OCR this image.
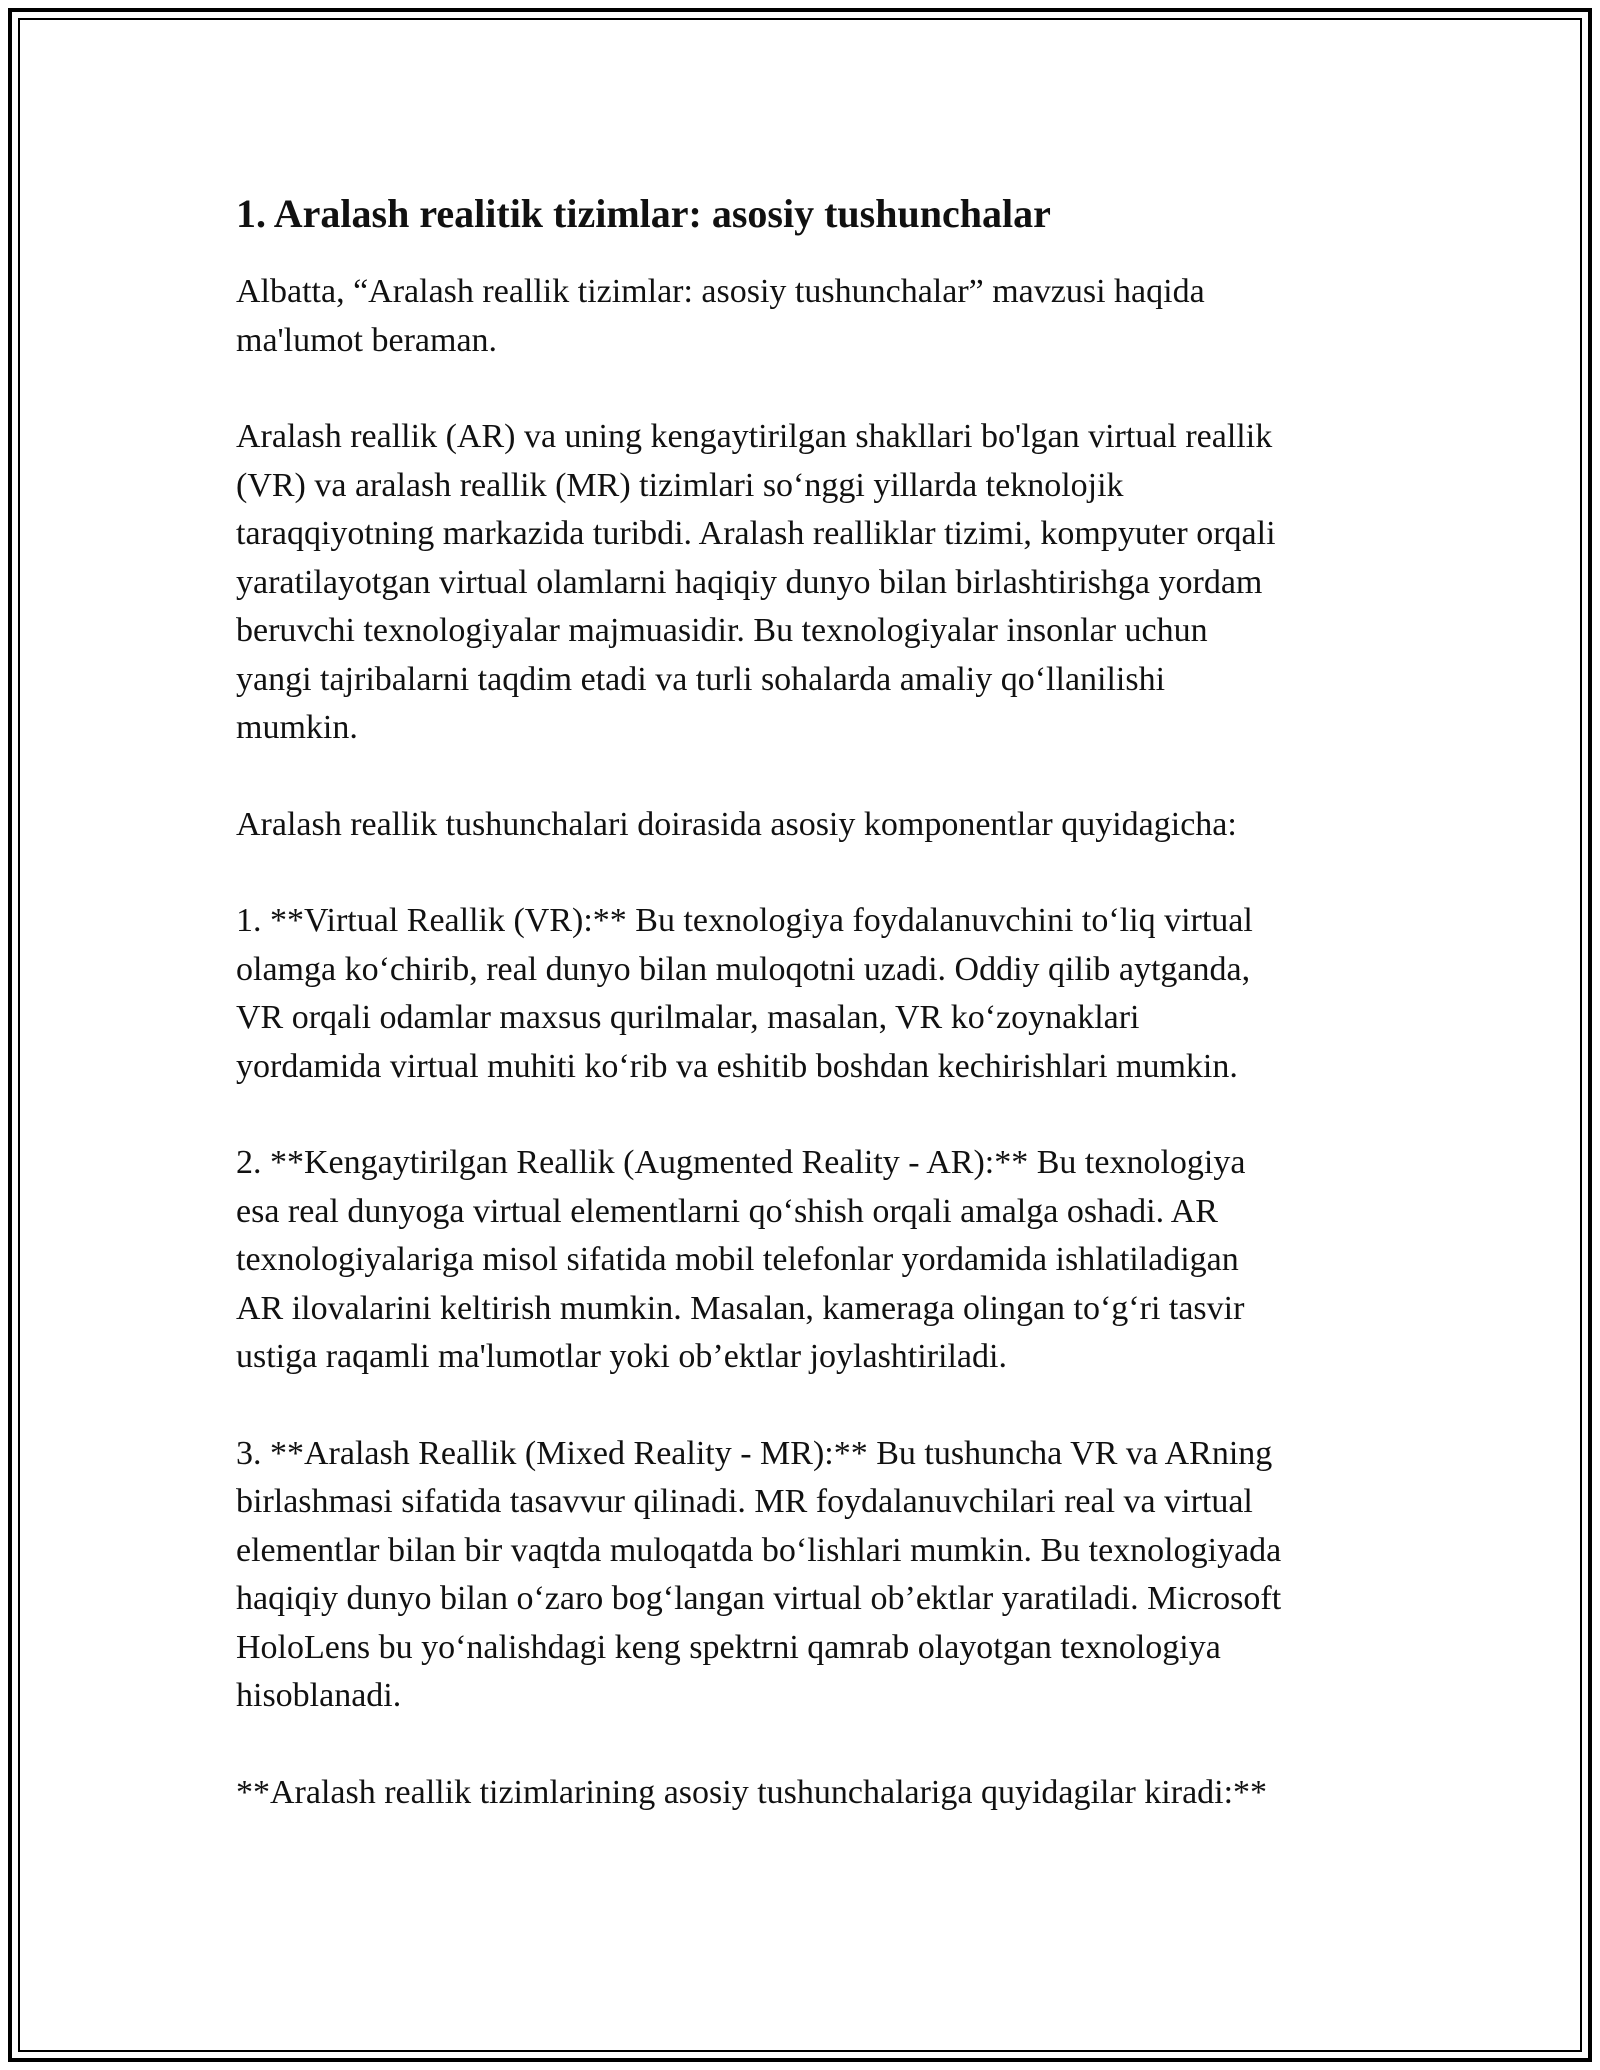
1. Aralash realitik tizimlar: asosiy tushunchalar

Albatta, “Aralash reallik tizimlar: asosiy tushunchalar” mavzusi haqida
ma'lumot beraman.

Aralash reallik (AR) va uning kengaytirilgan shakllari bo'lgan virtual reallik
(VR) va aralash reallik (MR) tizimlari so‘nggi yillarda teknolojik
taraqqiyotning markazida turibdi. Aralash realliklar tizimi, kompyuter orqali
yaratilayotgan virtual olamlarni haqiqiy dunyo bilan birlashtirishga yordam
beruvchi texnologiyalar majmuasidir. Bu texnologiyalar insonlar uchun
yangi tajribalarni taqdim etadi va turli sohalarda amaliy qo‘llanilishi
mumkin.

Aralash reallik tushunchalari doirasida asosiy komponentlar quyidagicha:

1. **Virtual Reallik (VR):** Bu texnologiya foydalanuvchini to‘liq virtual
olamga ko‘chirib, real dunyo bilan muloqotni uzadi. Oddiy qilib aytganda,
VR orqali odamlar maxsus qurilmalar, masalan, VR ko‘zoynaklari
yordamida virtual muhiti ko‘rib va eshitib boshdan kechirishlari mumkin.

2. **Kengaytirilgan Reallik (Augmented Reality - AR):** Bu texnologiya
esa real dunyoga virtual elementlarni qo‘shish orqali amalga oshadi. AR
texnologiyalariga misol sifatida mobil telefonlar yordamida ishlatiladigan
AR ilovalarini keltirish mumkin. Masalan, kameraga olingan to‘g‘ri tasvir
ustiga raqamli ma'lumotlar yoki ob’ektlar joylashtiriladi.

3. **Aralash Reallik (Mixed Reality - MR):** Bu tushuncha VR va ARning
birlashmasi sifatida tasavvur qilinadi. MR foydalanuvchilari real va virtual
elementlar bilan bir vaqtda muloqatda bo‘lishlari mumkin. Bu texnologiyada
haqiqiy dunyo bilan o‘zaro bog‘langan virtual ob’ektlar yaratiladi. Microsoft
HoloLens bu yo‘nalishdagi keng spektrni qamrab olayotgan texnologiya
hisoblanadi.

**Aralash reallik tizimlarining asosiy tushunchalariga quyidagilar kiradi:**
